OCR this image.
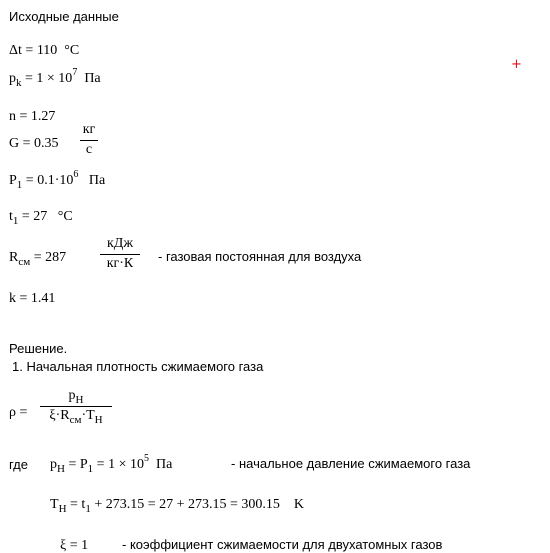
Исходные данные
+
Δt = 110 °C
$p_k = 1 \times 10^7$ Па
n = 1.27
G = 0.35
кг
c
$P_1 = 0.1\cdot 10^6$ Па
$t_1 = 27$ °C
$R_{см} = 287$
кДж
кг·К	- газовая постоянная для воздуха
k = 1.41
Решение.
1. Начальная плотность сжимаемого газа
ρ =
$p_H$
$\xi\cdot R_{см}\cdot T_H$
где $p_H = P_1 = 1 \times 10^5$ Па	- начальное давление сжимаемого газа
$T_H = t_1 + 273.15 = 27 + 273.15 = 300.15$ K
ξ = 1	- коэффициент сжимаемости для двухатомных газов
